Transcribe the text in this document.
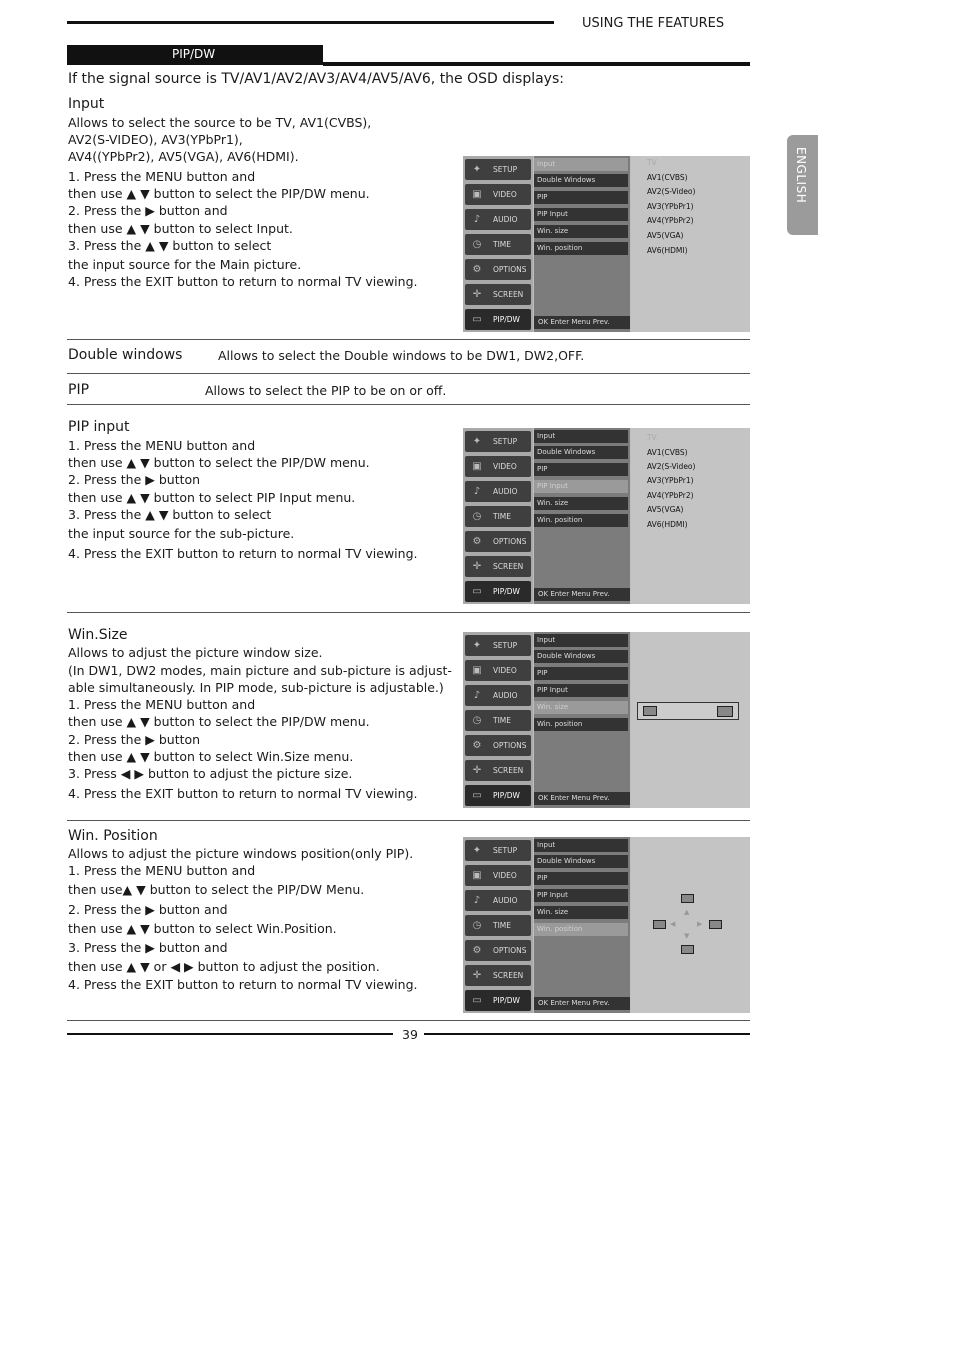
USING THE FEATURES
PIP/DW
ENGLISH
If the signal source is TV/AV1/AV2/AV3/AV4/AV5/AV6, the OSD displays:
Input
Allows to select the source to be TV, AV1(CVBS),
AV2(S-VIDEO), AV3(YPbPr1),
AV4((YPbPr2), AV5(VGA), AV6(HDMI).
1. Press the MENU button and
then use ▲ ▼ button to select the PIP/DW menu.
2. Press the ▶ button and
then use ▲ ▼ button to select Input.
3. Press the ▲ ▼ button to select
the input source for the Main picture.
4. Press the EXIT button to return to normal TV viewing.
✦	SETUP
▣	VIDEO
♪	AUDIO
◷	TIME
⚙	OPTIONS
✛	SCREEN
▭	PIP/DW
Input
Double Windows
PIP
PIP Input
Win. size
Win. position
OK Enter Menu Prev.
TV
AV1(CVBS)
AV2(S-Video)
AV3(YPbPr1)
AV4(YPbPr2)
AV5(VGA)
AV6(HDMI)
Double windows	Allows to select the Double windows to be DW1, DW2,OFF.
PIP	Allows to select the PIP to be on or off.
PIP input
1. Press the MENU button and
then use ▲ ▼ button to select the PIP/DW menu.
2. Press the ▶ button
then use ▲ ▼ button to select PIP Input menu.
3. Press the ▲ ▼ button to select
the input source for the sub-picture.
4. Press the EXIT button to return to normal TV viewing.
✦	SETUP
▣	VIDEO
♪	AUDIO
◷	TIME
⚙	OPTIONS
✛	SCREEN
▭	PIP/DW
Input
Double Windows
PIP
PIP Input
Win. size
Win. position
OK Enter Menu Prev.
TV
AV1(CVBS)
AV2(S-Video)
AV3(YPbPr1)
AV4(YPbPr2)
AV5(VGA)
AV6(HDMI)
Win.Size
Allows to adjust the picture window size.
(In DW1, DW2 modes, main picture and sub-picture is adjust-
able simultaneously. In PIP mode, sub-picture is adjustable.)
1. Press the MENU button and
then use ▲ ▼ button to select the PIP/DW menu.
2. Press the ▶ button
then use ▲ ▼ button to select Win.Size menu.
3. Press ◀ ▶ button to adjust the picture size.
4. Press the EXIT button to return to normal TV viewing.
✦	SETUP
▣	VIDEO
♪	AUDIO
◷	TIME
⚙	OPTIONS
✛	SCREEN
▭	PIP/DW
Input
Double Windows
PIP
PIP Input
Win. size
Win. position
OK Enter Menu Prev.
Win. Position
Allows to adjust the picture windows position(only PIP).
1. Press the MENU button and
then use▲ ▼ button to select the PIP/DW Menu.
2. Press the ▶ button and
then use ▲ ▼ button to select Win.Position.
3. Press the ▶ button and
then use ▲ ▼ or ◀ ▶ button to adjust the position.
4. Press the EXIT button to return to normal TV viewing.
✦	SETUP
▣	VIDEO
♪	AUDIO
◷	TIME
⚙	OPTIONS
✛	SCREEN
▭	PIP/DW
Input
Double Windows
PIP
PIP Input
Win. size
Win. position
OK Enter Menu Prev.
▲
◀	▶
▼
39
